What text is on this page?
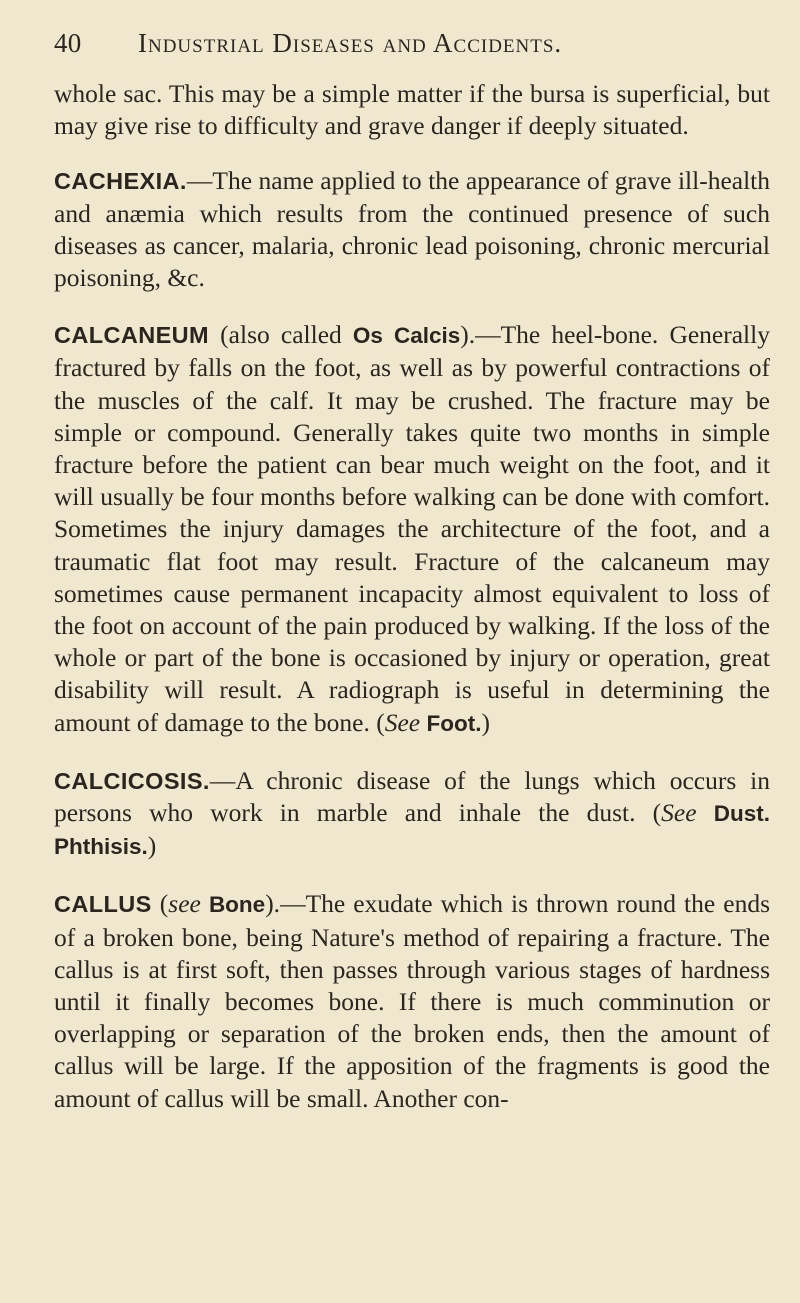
40 Industrial Diseases and Accidents.

whole sac. This may be a simple matter if the bursa is superficial, but may give rise to difficulty and grave danger if deeply situated.

CACHEXIA.—The name applied to the appearance of grave ill-health and anæmia which results from the continued presence of such diseases as cancer, malaria, chronic lead poisoning, chronic mercurial poisoning, &c.

CALCANEUM (also called Os Calcis).—The heel-bone. Generally fractured by falls on the foot, as well as by powerful contractions of the muscles of the calf. It may be crushed. The fracture may be simple or compound. Generally takes quite two months in simple fracture before the patient can bear much weight on the foot, and it will usually be four months before walking can be done with comfort. Sometimes the injury damages the architecture of the foot, and a traumatic flat foot may result. Fracture of the calcaneum may sometimes cause permanent incapacity almost equivalent to loss of the foot on account of the pain produced by walking. If the loss of the whole or part of the bone is occasioned by injury or operation, great disability will result. A radiograph is useful in determining the amount of damage to the bone. (See Foot.)

CALCICOSIS.—A chronic disease of the lungs which occurs in persons who work in marble and inhale the dust. (See Dust. Phthisis.)

CALLUS (see Bone).—The exudate which is thrown round the ends of a broken bone, being Nature's method of repairing a fracture. The callus is at first soft, then passes through various stages of hardness until it finally becomes bone. If there is much comminution or overlapping or separation of the broken ends, then the amount of callus will be large. If the apposition of the fragments is good the amount of callus will be small. Another con-
